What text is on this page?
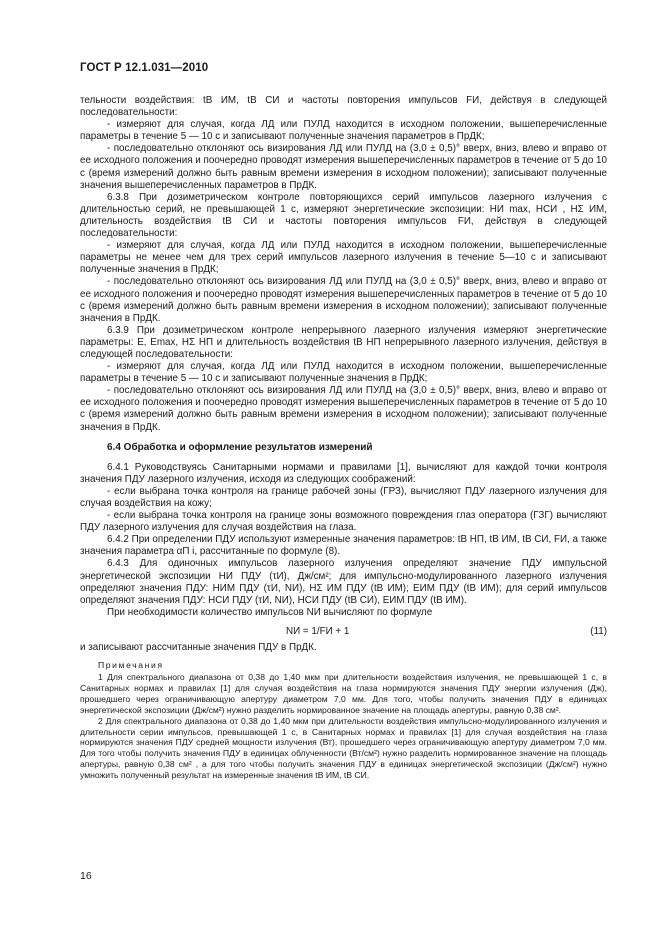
ГОСТ Р 12.1.031—2010

тельности воздействия: tВ ИМ, tВ СИ и частоты повторения импульсов FИ, действуя в следующей последовательности:

- измеряют для случая, когда ЛД или ПУЛД находится в исходном положении, вышеперечисленные параметры в течение 5 — 10 с и записывают полученные значения параметров в ПрДК;

- последовательно отклоняют ось визирования ЛД или ПУЛД на (3,0 ± 0,5)° вверх, вниз, влево и вправо от ее исходного положения и поочередно проводят измерения вышеперечисленных параметров в течение от 5 до 10 с (время измерений должно быть равным времени измерения в исходном положении); записывают полученные значения вышеперечисленных параметров в ПрДК.

6.3.8 При дозиметрическом контроле повторяющихся серий импульсов лазерного излучения с длительностью серий, не превышающей 1 с, измеряют энергетические экспозиции: НИ max, НСИ , НΣ ИМ, длительность воздействия tВ СИ и частоты повторения импульсов FИ, действуя в следующей последовательности:

- измеряют для случая, когда ЛД или ПУЛД находится в исходном положении, вышеперечисленные параметры не менее чем для трех серий импульсов лазерного излучения в течение 5—10 с и записывают полученные значения в ПрДК;

- последовательно отклоняют ось визирования ЛД или ПУЛД на (3,0 ± 0,5)° вверх, вниз, влево и вправо от ее исходного положения и поочередно проводят измерения вышеперечисленных параметров в течение от 5 до 10 с (время измерений должно быть равным времени измерения в исходном положении); записывают полученные значения в ПрДК.

6.3.9 При дозиметрическом контроле непрерывного лазерного излучения измеряют энергетические параметры: Е, Еmax, НΣ НП и длительность воздействия tВ НП непрерывного лазерного излучения, действуя в следующей последовательности:

- измеряют для случая, когда ЛД или ПУЛД находится в исходном положении, вышеперечисленные параметры в течение 5 — 10 с и записывают полученные значения в ПрДК;

- последовательно отклоняют ось визирования ЛД или ПУЛД на (3,0 ± 0,5)° вверх, вниз, влево и вправо от ее исходного положения и поочередно проводят измерения вышеперечисленных параметров в течение от 5 до 10 с (время измерений должно быть равным времени измерения в исходном положении); записывают полученные значения в ПрДК.

6.4 Обработка и оформление результатов измерений

6.4.1 Руководствуясь Санитарными нормами и правилами [1], вычисляют для каждой точки контроля значения ПДУ лазерного излучения, исходя из следующих соображений:

- если выбрана точка контроля на границе рабочей зоны (ГРЗ), вычисляют ПДУ лазерного излучения для случая воздействия на кожу;

- если выбрана точка контроля на границе зоны возможного повреждения глаз оператора (ГЗГ) вычисляют ПДУ лазерного излучения для случая воздействия на глаза.

6.4.2 При определении ПДУ используют измеренные значения параметров: tВ НП, tВ ИМ, tВ СИ, FИ, а также значения параметра αП i, рассчитанные по формуле (8).

6.4.3 Для одиночных импульсов лазерного излучения определяют значение ПДУ импульсной энергетической экспозиции НИ ПДУ (τИ), Дж/см²; для импульсно-модулированного лазерного излучения определяют значения ПДУ: НИМ ПДУ (τИ, NИ), НΣ ИМ ПДУ (tВ ИМ); ЕИМ ПДУ (tВ ИМ); для серий импульсов определяют значения ПДУ: НСИ ПДУ (τИ, NИ), НСИ ПДУ (tВ СИ), ЕИМ ПДУ (tВ ИМ).

При необходимости количество импульсов NИ вычисляют по формуле

NИ = 1/FИ + 1	(11)

и записывают рассчитанные значения ПДУ в ПрДК.

Примечания

1 Для спектрального диапазона от 0,38 до 1,40 мкм при длительности воздействия излучения, не превышающей 1 с, в Санитарных нормах и правилах [1] для случая воздействия на глаза нормируются значения ПДУ энергии излучения (Дж), прошедшего через ограничивающую апертуру диаметром 7,0 мм. Для того, чтобы получить значения ПДУ в единицах энергетической экспозиции (Дж/см²) нужно разделить нормированное значение на площадь апертуры, равную 0,38 см².

2 Для спектрального диапазона от 0,38 до 1,40 мкм при длительности воздействия импульсно-модулированного излучения и длительности серии импульсов, превышающей 1 с, в Санитарных нормах и правилах [1] для случая воздействия на глаза нормируются значения ПДУ средней мощности излучения (Вт), прошедшего через ограничивающую апертуру диаметром 7,0 мм. Для того чтобы получить значения ПДУ в единицах облученности (Вт/см²) нужно разделить нормированное значение на площадь апертуры, равную 0,38 см² , а для того чтобы получить значения ПДУ в единицах энергетической экспозиции (Дж/см²) нужно умножить полученный результат на измеренные значения tВ ИМ, tВ СИ.

16
